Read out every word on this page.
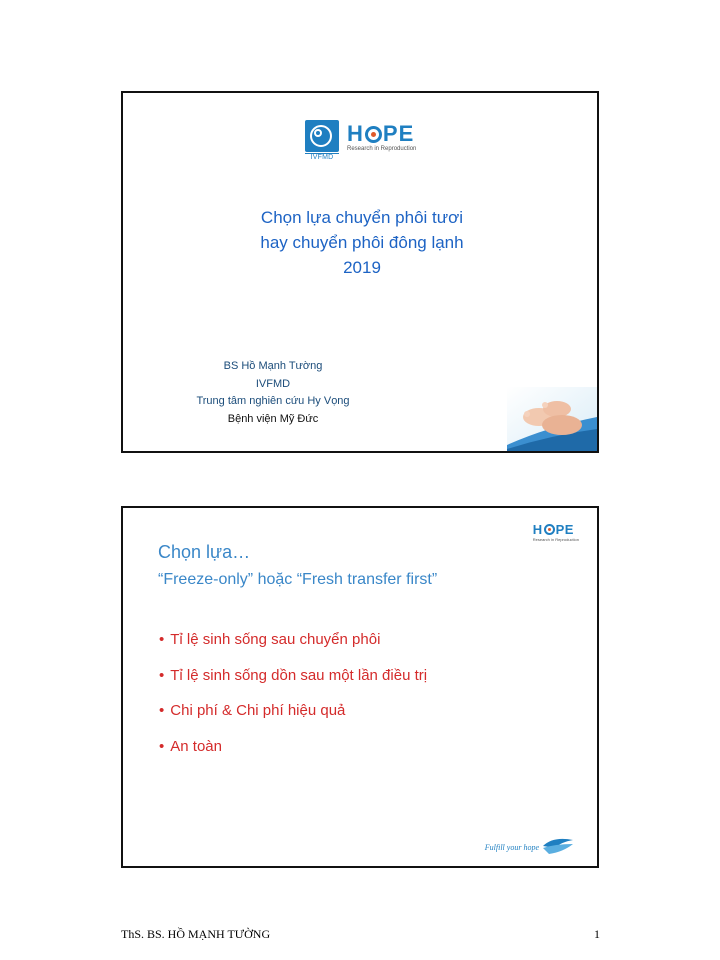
IVFMD
H PE
Research in Reproduction
Chọn lựa chuyển phôi tươi
hay chuyển phôi đông lạnh
2019
BS Hồ Mạnh Tường
IVFMD
Trung tâm nghiên cứu Hy Vọng
Bệnh viện Mỹ Đức
H PE
Research in Reproduction
Chọn lựa…
“Freeze-only” hoặc “Fresh transfer first”
• Tỉ lệ sinh sống sau chuyển phôi
• Tỉ lệ sinh sống dồn sau một lần điều trị
• Chi phí & Chi phí hiệu quả
• An toàn
Fulfill your hope
ThS. BS. HỒ MẠNH TƯỜNG	1
